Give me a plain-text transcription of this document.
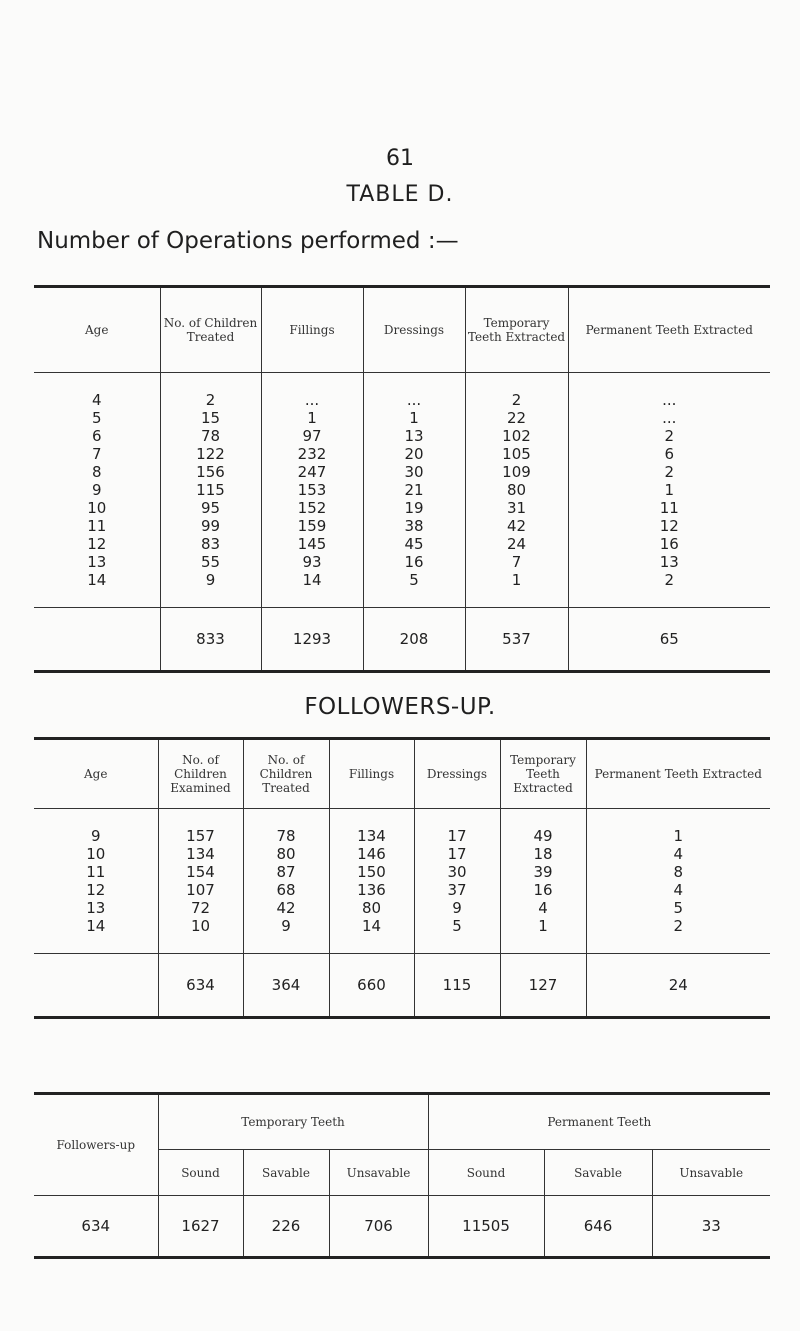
61
TABLE D.
Number of Operations performed :—
Age	No. of Children Treated	Fillings	Dressings	Temporary Teeth Extracted	Permanent Teeth Extracted
4	2	...	...	2	...
5	15	1	1	22	...
6	78	97	13	102	2
7	122	232	20	105	6
8	156	247	30	109	2
9	115	153	21	80	1
10	95	152	19	31	11
11	99	159	38	42	12
12	83	145	45	24	16
13	55	93	16	7	13
14	9	14	5	1	2
	833	1293	208	537	65
FOLLOWERS-UP.
Age	No. of Children Examined	No. of Children Treated	Fillings	Dressings	Temporary Teeth Extracted	Permanent Teeth Extracted
9	157	78	134	17	49	1
10	134	80	146	17	18	4
11	154	87	150	30	39	8
12	107	68	136	37	16	4
13	72	42	80	9	4	5
14	10	9	14	5	1	2
	634	364	660	115	127	24
Followers-up	Temporary Teeth			Permanent Teeth		
	Sound	Savable	Unsavable	Sound	Savable	Unsavable
634	1627	226	706	11505	646	33
